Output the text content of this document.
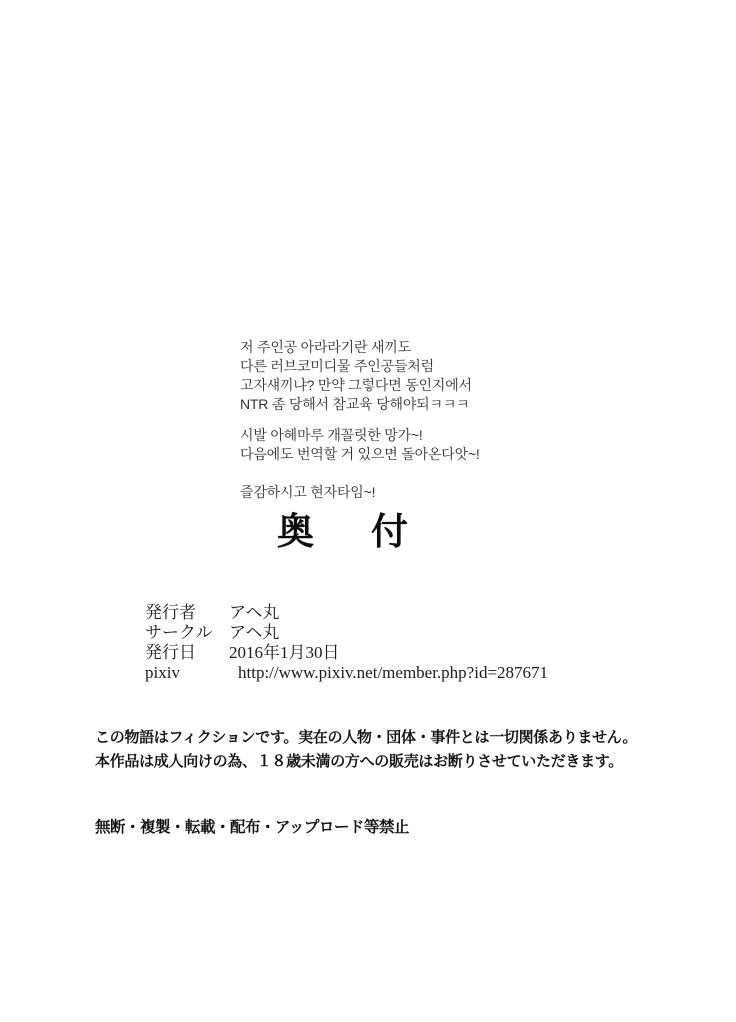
저 주인공 아라라기란 새끼도
다른 러브코미디물 주인공들처럼
고자섀끼냐? 만약 그렇다면 동인지에서
NTR 좀 당해서 참교육 당해야되ㅋㅋㅋ
시발 아혜마루 개꼴릿한 망가~!
다음에도 번역할 거 있으면 돌아온다앗~!
즐감하시고 현자타임~!
奥 付
発行者	アヘ丸
サークル アヘ丸
発行日	2016年1月30日
pixiv	http://www.pixiv.net/member.php?id=287671
この物語はフィクションです。実在の人物・団体・事件とは一切関係ありません。
本作品は成人向けの為、１８歳未満の方への販売はお断りさせていただきます。
無断・複製・転載・配布・アップロード等禁止
